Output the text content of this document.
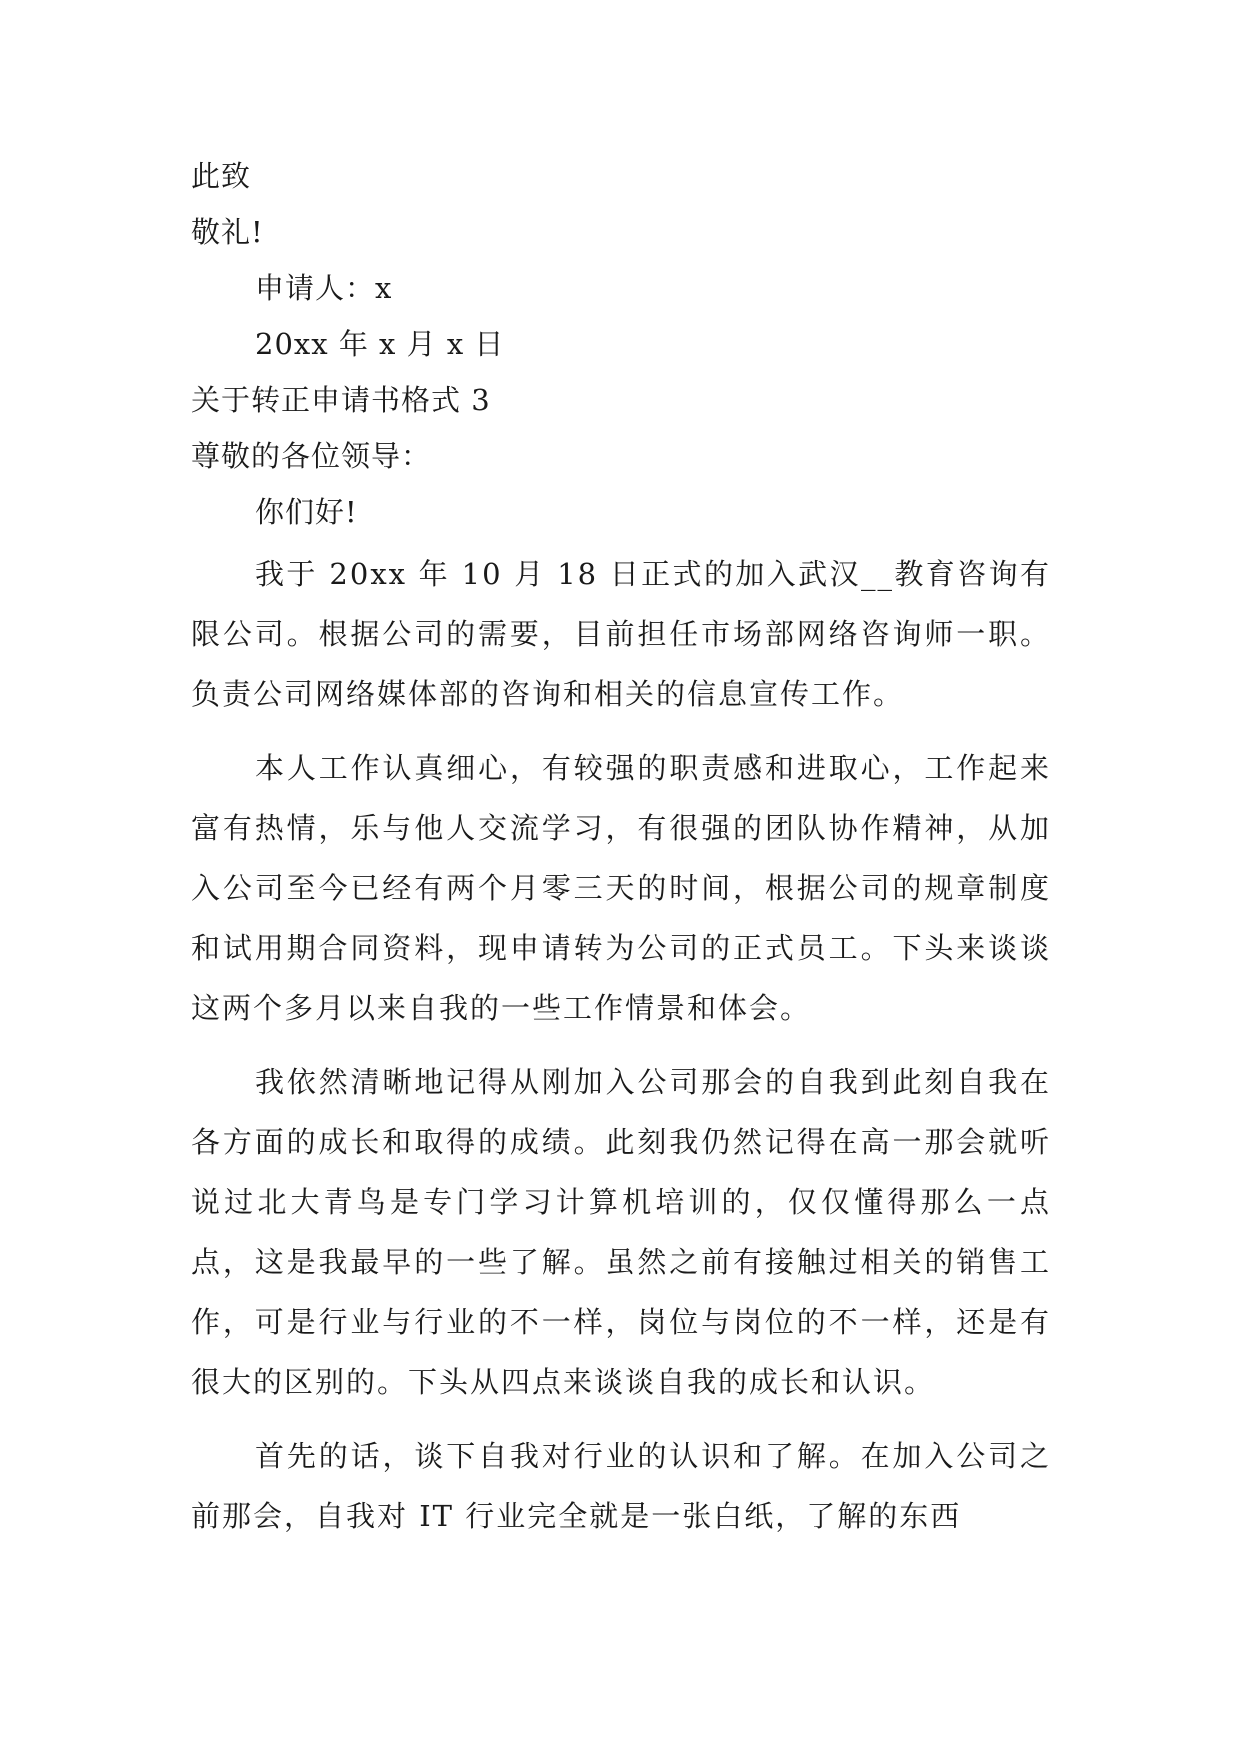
此致
敬礼!
申请人：x
20xx 年 x 月 x 日
关于转正申请书格式 3
尊敬的各位领导：
你们好!

我于 20xx 年 10 月 18 日正式的加入武汉__教育咨询有限公司。根据公司的需要，目前担任市场部网络咨询师一职。负责公司网络媒体部的咨询和相关的信息宣传工作。

本人工作认真细心，有较强的职责感和进取心，工作起来富有热情，乐与他人交流学习，有很强的团队协作精神，从加入公司至今已经有两个月零三天的时间，根据公司的规章制度和试用期合同资料，现申请转为公司的正式员工。下头来谈谈这两个多月以来自我的一些工作情景和体会。

我依然清晰地记得从刚加入公司那会的自我到此刻自我在各方面的成长和取得的成绩。此刻我仍然记得在高一那会就听说过北大青鸟是专门学习计算机培训的，仅仅懂得那么一点点，这是我最早的一些了解。虽然之前有接触过相关的销售工作，可是行业与行业的不一样，岗位与岗位的不一样，还是有很大的区别的。下头从四点来谈谈自我的成长和认识。

首先的话，谈下自我对行业的认识和了解。在加入公司之前那会，自我对 IT 行业完全就是一张白纸，了解的东西
